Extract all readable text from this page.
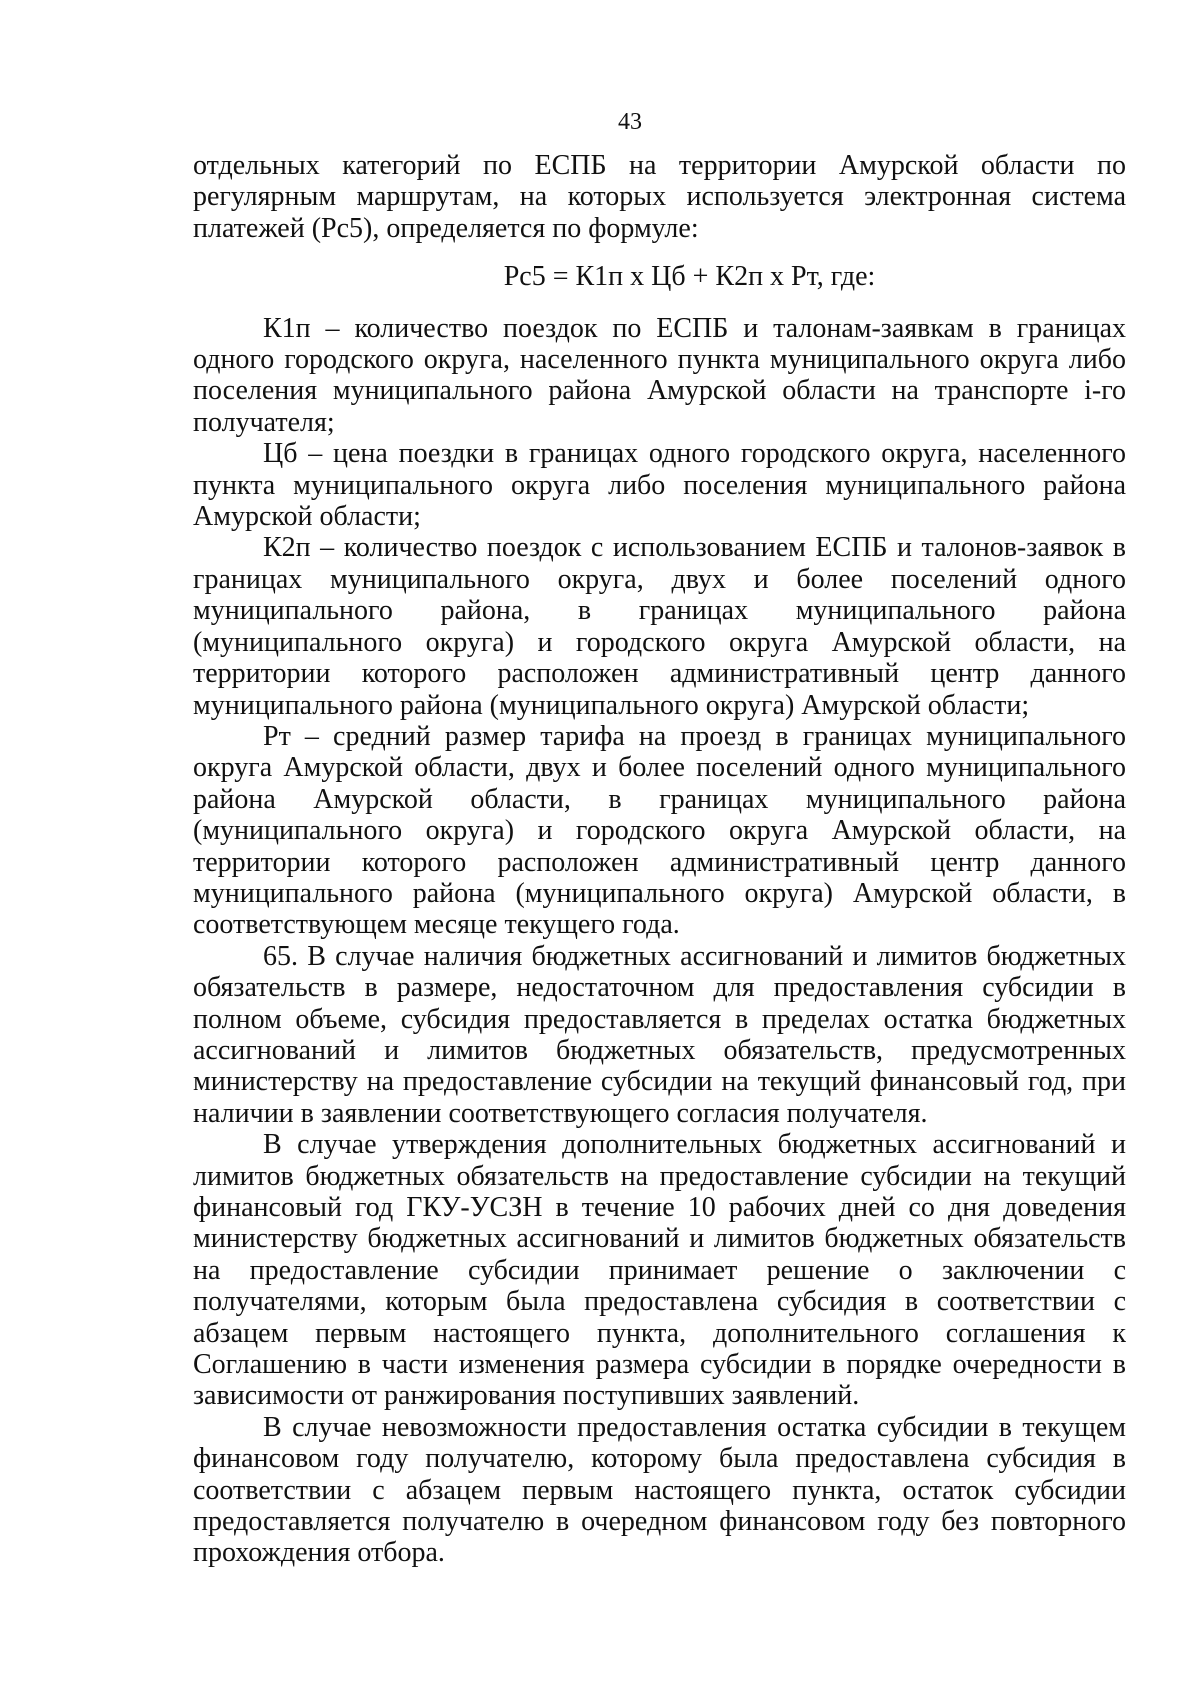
43

отдельных категорий по ЕСПБ на территории Амурской области по регулярным маршрутам, на которых используется электронная система платежей (Рс5), определяется по формуле:

Рс5 = К1п х Цб + К2п х Рт, где:

К1п – количество поездок по ЕСПБ и талонам-заявкам в границах одного городского округа, населенного пункта муниципального округа либо поселения муниципального района Амурской области на транспорте i-го получателя;

Цб – цена поездки в границах одного городского округа, населенного пункта муниципального округа либо поселения муниципального района Амурской области;

К2п – количество поездок с использованием ЕСПБ и талонов-заявок в границах муниципального округа, двух и более поселений одного муниципального района, в границах муниципального района (муниципального округа) и городского округа Амурской области, на территории которого расположен административный центр данного муниципального района (муниципального округа) Амурской области;

Рт – средний размер тарифа на проезд в границах муниципального округа Амурской области, двух и более поселений одного муниципального района Амурской области, в границах муниципального района (муниципального округа) и городского округа Амурской области, на территории которого расположен административный центр данного муниципального района (муниципального округа) Амурской области, в соответствующем месяце текущего года.

65. В случае наличия бюджетных ассигнований и лимитов бюджетных обязательств в размере, недостаточном для предоставления субсидии в полном объеме, субсидия предоставляется в пределах остатка бюджетных ассигнований и лимитов бюджетных обязательств, предусмотренных министерству на предоставление субсидии на текущий финансовый год, при наличии в заявлении соответствующего согласия получателя.

В случае утверждения дополнительных бюджетных ассигнований и лимитов бюджетных обязательств на предоставление субсидии на текущий финансовый год ГКУ-УСЗН в течение 10 рабочих дней со дня доведения министерству бюджетных ассигнований и лимитов бюджетных обязательств на предоставление субсидии принимает решение о заключении с получателями, которым была предоставлена субсидия в соответствии с абзацем первым настоящего пункта, дополнительного соглашения к Соглашению в части изменения размера субсидии в порядке очередности в зависимости от ранжирования поступивших заявлений.

В случае невозможности предоставления остатка субсидии в текущем финансовом году получателю, которому была предоставлена субсидия в соответствии с абзацем первым настоящего пункта, остаток субсидии предоставляется получателю в очередном финансовом году без повторного прохождения отбора.
